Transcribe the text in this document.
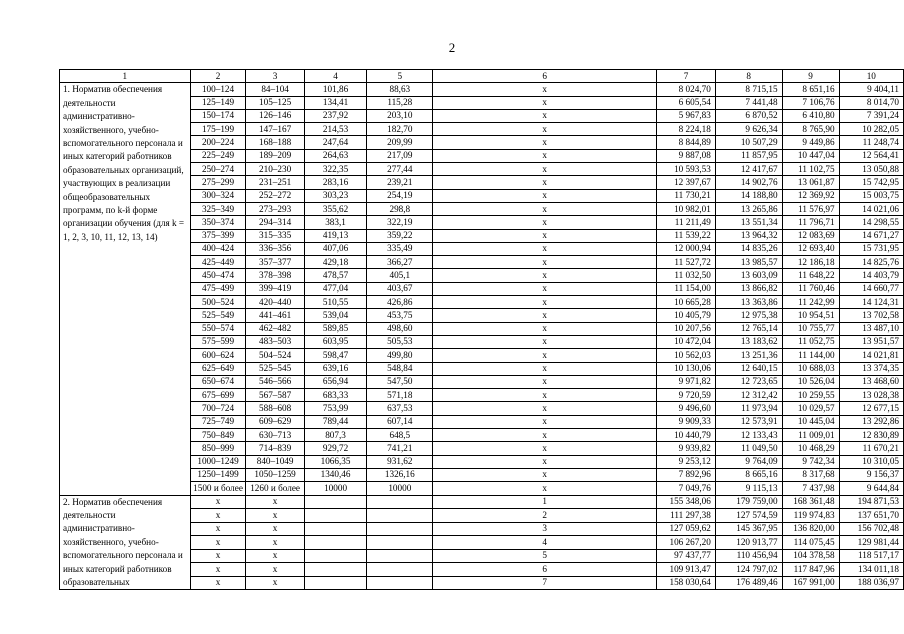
2
1	2	3	4	5	6	7	8	9	10
1. Норматив обеспечения деятельности административно-хозяйственного, учебно-вспомогательного персонала и иных категорий работников образовательных организаций, участвующих в реализации общеобразовательных программ, по k-й форме организации обучения (для k = 1, 2, 3, 10, 11, 12, 13, 14)	100–124	84–104	101,86	88,63	x	8 024,70	8 715,15	8 651,16	9 404,11
	125–149	105–125	134,41	115,28	x	6 605,54	7 441,48	7 106,76	8 014,70
	150–174	126–146	237,92	203,10	x	5 967,83	6 870,52	6 410,80	7 391,24
	175–199	147–167	214,53	182,70	x	8 224,18	9 626,34	8 765,90	10 282,05
	200–224	168–188	247,64	209,99	x	8 844,89	10 507,29	9 449,86	11 248,74
	225–249	189–209	264,63	217,09	x	9 887,08	11 857,95	10 447,04	12 564,41
	250–274	210–230	322,35	277,44	x	10 593,53	12 417,67	11 102,75	13 050,88
	275–299	231–251	283,16	239,21	x	12 397,67	14 902,76	13 061,87	15 742,95
	300–324	252–272	303,23	254,19	x	11 730,21	14 188,80	12 369,92	15 003,75
	325–349	273–293	355,62	298,8	x	10 982,01	13 265,86	11 576,97	14 021,06
	350–374	294–314	383,1	322,19	x	11 211,49	13 551,34	11 796,71	14 298,55
	375–399	315–335	419,13	359,22	x	11 539,22	13 964,32	12 083,69	14 671,27
	400–424	336–356	407,06	335,49	x	12 000,94	14 835,26	12 693,40	15 731,95
	425–449	357–377	429,18	366,27	x	11 527,72	13 985,57	12 186,18	14 825,76
	450–474	378–398	478,57	405,1	x	11 032,50	13 603,09	11 648,22	14 403,79
	475–499	399–419	477,04	403,67	x	11 154,00	13 866,82	11 760,46	14 660,77
	500–524	420–440	510,55	426,86	x	10 665,28	13 363,86	11 242,99	14 124,31
	525–549	441–461	539,04	453,75	x	10 405,79	12 975,38	10 954,51	13 702,58
	550–574	462–482	589,85	498,60	x	10 207,56	12 765,14	10 755,77	13 487,10
	575–599	483–503	603,95	505,53	x	10 472,04	13 183,62	11 052,75	13 951,57
	600–624	504–524	598,47	499,80	x	10 562,03	13 251,36	11 144,00	14 021,81
	625–649	525–545	639,16	548,84	x	10 130,06	12 640,15	10 688,03	13 374,35
	650–674	546–566	656,94	547,50	x	9 971,82	12 723,65	10 526,04	13 468,60
	675–699	567–587	683,33	571,18	x	9 720,59	12 312,42	10 259,55	13 028,38
	700–724	588–608	753,99	637,53	x	9 496,60	11 973,94	10 029,57	12 677,15
	725–749	609–629	789,44	607,14	x	9 909,33	12 573,91	10 445,04	13 292,86
	750–849	630–713	807,3	648,5	x	10 440,79	12 133,43	11 009,01	12 830,89
	850–999	714–839	929,72	741,21	x	9 939,82	11 049,50	10 468,29	11 670,21
	1000–1249	840–1049	1066,35	931,62	x	9 253,12	9 764,09	9 742,34	10 310,05
	1250–1499	1050–1259	1340,46	1326,16	x	7 892,96	8 665,16	8 317,68	9 156,37
	1500 и более	1260 и более	10000	10000	x	7 049,76	9 115,13	7 437,98	9 644,84
2. Норматив обеспечения деятельности административно-хозяйственного, учебно-вспомогательного персонала и иных категорий работников образовательных	x	x			1	155 348,06	179 759,00	168 361,48	194 871,53
	x	x			2	111 297,38	127 574,59	119 974,83	137 651,70
	x	x			3	127 059,62	145 367,95	136 820,00	156 702,48
	x	x			4	106 267,20	120 913,77	114 075,45	129 981,44
	x	x			5	97 437,77	110 456,94	104 378,58	118 517,17
	x	x			6	109 913,47	124 797,02	117 847,96	134 011,18
	x	x			7	158 030,64	176 489,46	167 991,00	188 036,97
